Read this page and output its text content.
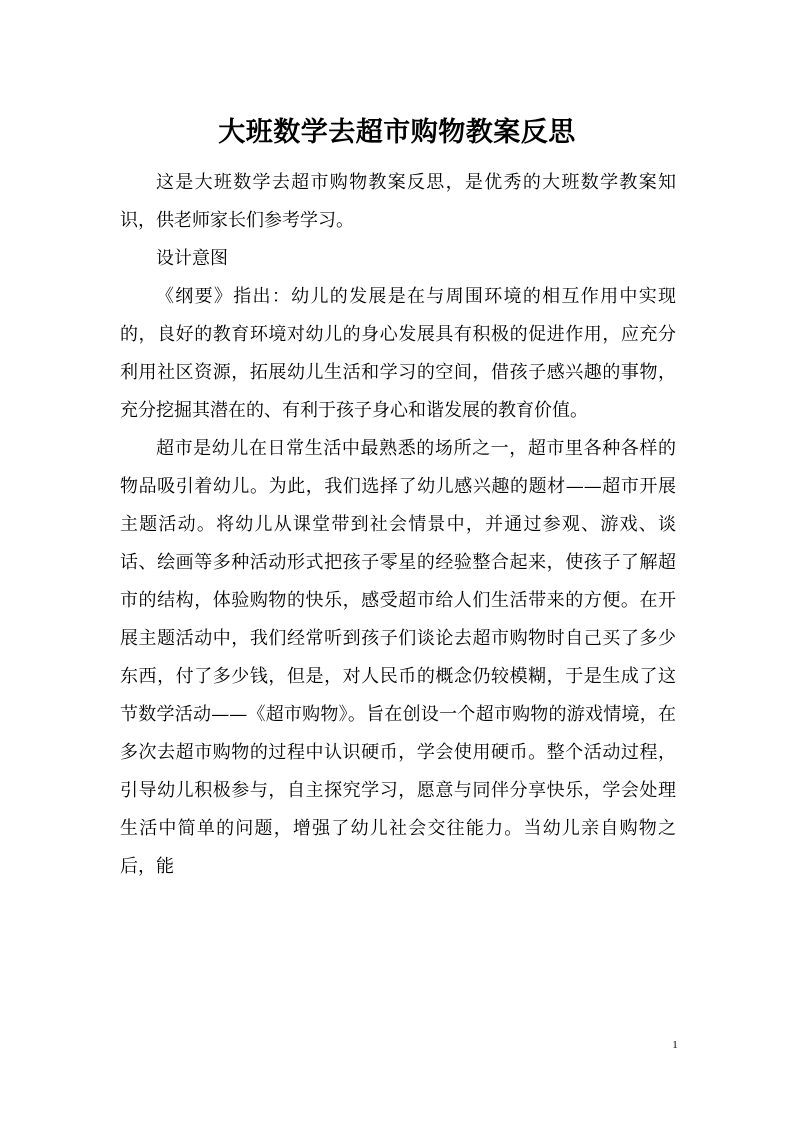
大班数学去超市购物教案反思

这是大班数学去超市购物教案反思，是优秀的大班数学教案知识，供老师家长们参考学习。

设计意图

《纲要》指出：幼儿的发展是在与周围环境的相互作用中实现的，良好的教育环境对幼儿的身心发展具有积极的促进作用，应充分利用社区资源，拓展幼儿生活和学习的空间，借孩子感兴趣的事物，充分挖掘其潜在的、有利于孩子身心和谐发展的教育价值。

超市是幼儿在日常生活中最熟悉的场所之一，超市里各种各样的物品吸引着幼儿。为此，我们选择了幼儿感兴趣的题材——超市开展主题活动。将幼儿从课堂带到社会情景中，并通过参观、游戏、谈话、绘画等多种活动形式把孩子零星的经验整合起来，使孩子了解超市的结构，体验购物的快乐，感受超市给人们生活带来的方便。在开展主题活动中，我们经常听到孩子们谈论去超市购物时自己买了多少东西，付了多少钱，但是，对人民币的概念仍较模糊，于是生成了这节数学活动——《超市购物》。旨在创设一个超市购物的游戏情境，在多次去超市购物的过程中认识硬币，学会使用硬币。整个活动过程，引导幼儿积极参与，自主探究学习，愿意与同伴分享快乐，学会处理生活中简单的问题，增强了幼儿社会交往能力。当幼儿亲自购物之后，能

1
